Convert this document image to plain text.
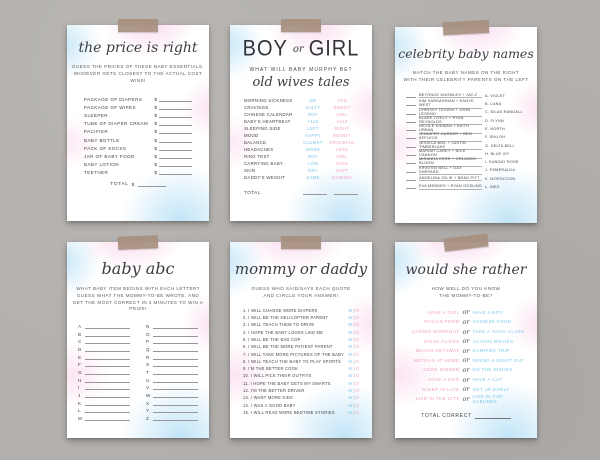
the price is right
GUESS THE PRICES OF THESE BABY ESSENTIALS.
WHOEVER GETS CLOSEST TO THE ACTUAL COST WINS!
PACKAGE OF DIAPERS	$
PACKAGE OF WIPES	$
SLEEPER	$
TUBE OF DIAPER CREAM $
PACIFIER	$
BABY BOTTLE	$
PACK OF SOCKS	$
JAR OF BABY FOOD	$
BABY LOTION	$
TEETHER	$
TOTAL $
BOY or GIRL
WHAT WILL BABY MURPHY BE?
old wives tales
MORNING SICKNESS	NO	YES
CRAVINGS	SALTY	SWEET
CHINESE CALENDAR	BOY	GIRL
BABY'S HEARTBEAT	<140	>140
SLEEPING SIDE	LEFT	RIGHT
MOOD	HAPPY	MOODY
BALANCE	CLUMSY	GRACEFUL
HEADACHES	MORE	LESS
RING TEST	BOY	GIRL
CARRYING BABY	LOW	HIGH
SKIN	DRY	SOFT
DADDY'S WEIGHT	SAME	GAINING
TOTAL
celebrity baby names
MATCH THE BABY NAMES ON THE RIGHT
WITH THEIR CELEBRITY PARENTS ON THE LEFT
BEYONCE KNOWLES + JAY-Z	A. VIOLET
KIM KARDASHIAN + KANYE WEST	B. LUNA
CHRISSY TEIGEN + JOHN LEGEND	C. SILAS RANDALL
BLAKE LIVELY + RYAN REYNOLDS	D. FLYNN
NICOLE KIDMAN + KEITH URBAN	E. NORTH
JENNIFER GARNER + BEN AFFLECK	F. SHILOH
JESSICA BIEL + JUSTIN TIMBERLAKE	G. DELTA BELL
MARIAH CAREY + NICK CANNON	H. BLUE IVY
MIRANDA KERR + ORLANDO BLOOM	I. SUNDAY ROSE
KRISTEN BELL + DAX SHEPARD	J. ESMERALDA
ANGELINA JOLIE + BRAD PITT	K. MOROCCON
EVA MENDES + RYAN GOSLING L. INEZ
baby abc
WHAT BABY ITEM BEGINS WITH EACH LETTER?
GUESS WHAT THE MOMMY-TO-BE WROTE, AND
GET THE MOST CORRECT IN 3 MINUTES TO WIN A PRIZE!
A
B
C
D
E
F
G
H
I
J
K
L
M
N
O
P
Q
R
S
T
U
V
W
X
Y
Z
mommy or daddy
GUESS WHO SAID/SAYS EACH QUOTE
AND CIRCLE YOUR ANSWER!
1. I WILL CHANGE MORE DIAPERS	M | D
2. I WILL BE THE HELICOPTER PARENT	M | D
3. I WILL TEACH THEM TO DRIVE	M | D
4. I HOPE THE BABY LOOKS LIKE ME	M | D
5. I WILL BE THE BAD COP	M | D
6. I WILL BE THE MORE PATIENT PARENT	M | D
7. I WILL TAKE MORE PICTURES OF THE BABY M | D
8. I WILL TEACH THE BABY TO PLAY SPORTS M | D
9. I'M THE BETTER COOK	M | D
10. I WILL PICK THEIR OUTFITS	M | D
11. I HOPE THE BABY GETS MY SMARTS	M | D
12. I'M THE BETTER DRIVER	M | D
13. I WANT MORE KIDS	M | D
14. I WAS A GOOD BABY	M | D
15. I WILL READ MORE BEDTIME STORIES	M | D
would she rather
HOW WELL DO YOU KNOW
THE MOMMY-TO-BE?
HAVE A GIRL or HAVE A BOY
ITALIAN FOOD or CHINESE FOOD
CARDIO WORKOUT or TAKE A YOGA CLASS
CHICK FLICKS or ACTION MOVIES
BEACH GETAWAY or CAMPING TRIP
NETFLIX AT HOME or SPEND A NIGHT OUT
COOK DINNER or DO THE DISHES
HAVE A DOG or HAVE A CAT
SLEEP IN LATE or GET UP EARLY
LIVE IN THE CITY or LIVE IN THE SUBURBS
TOTAL CORRECT
